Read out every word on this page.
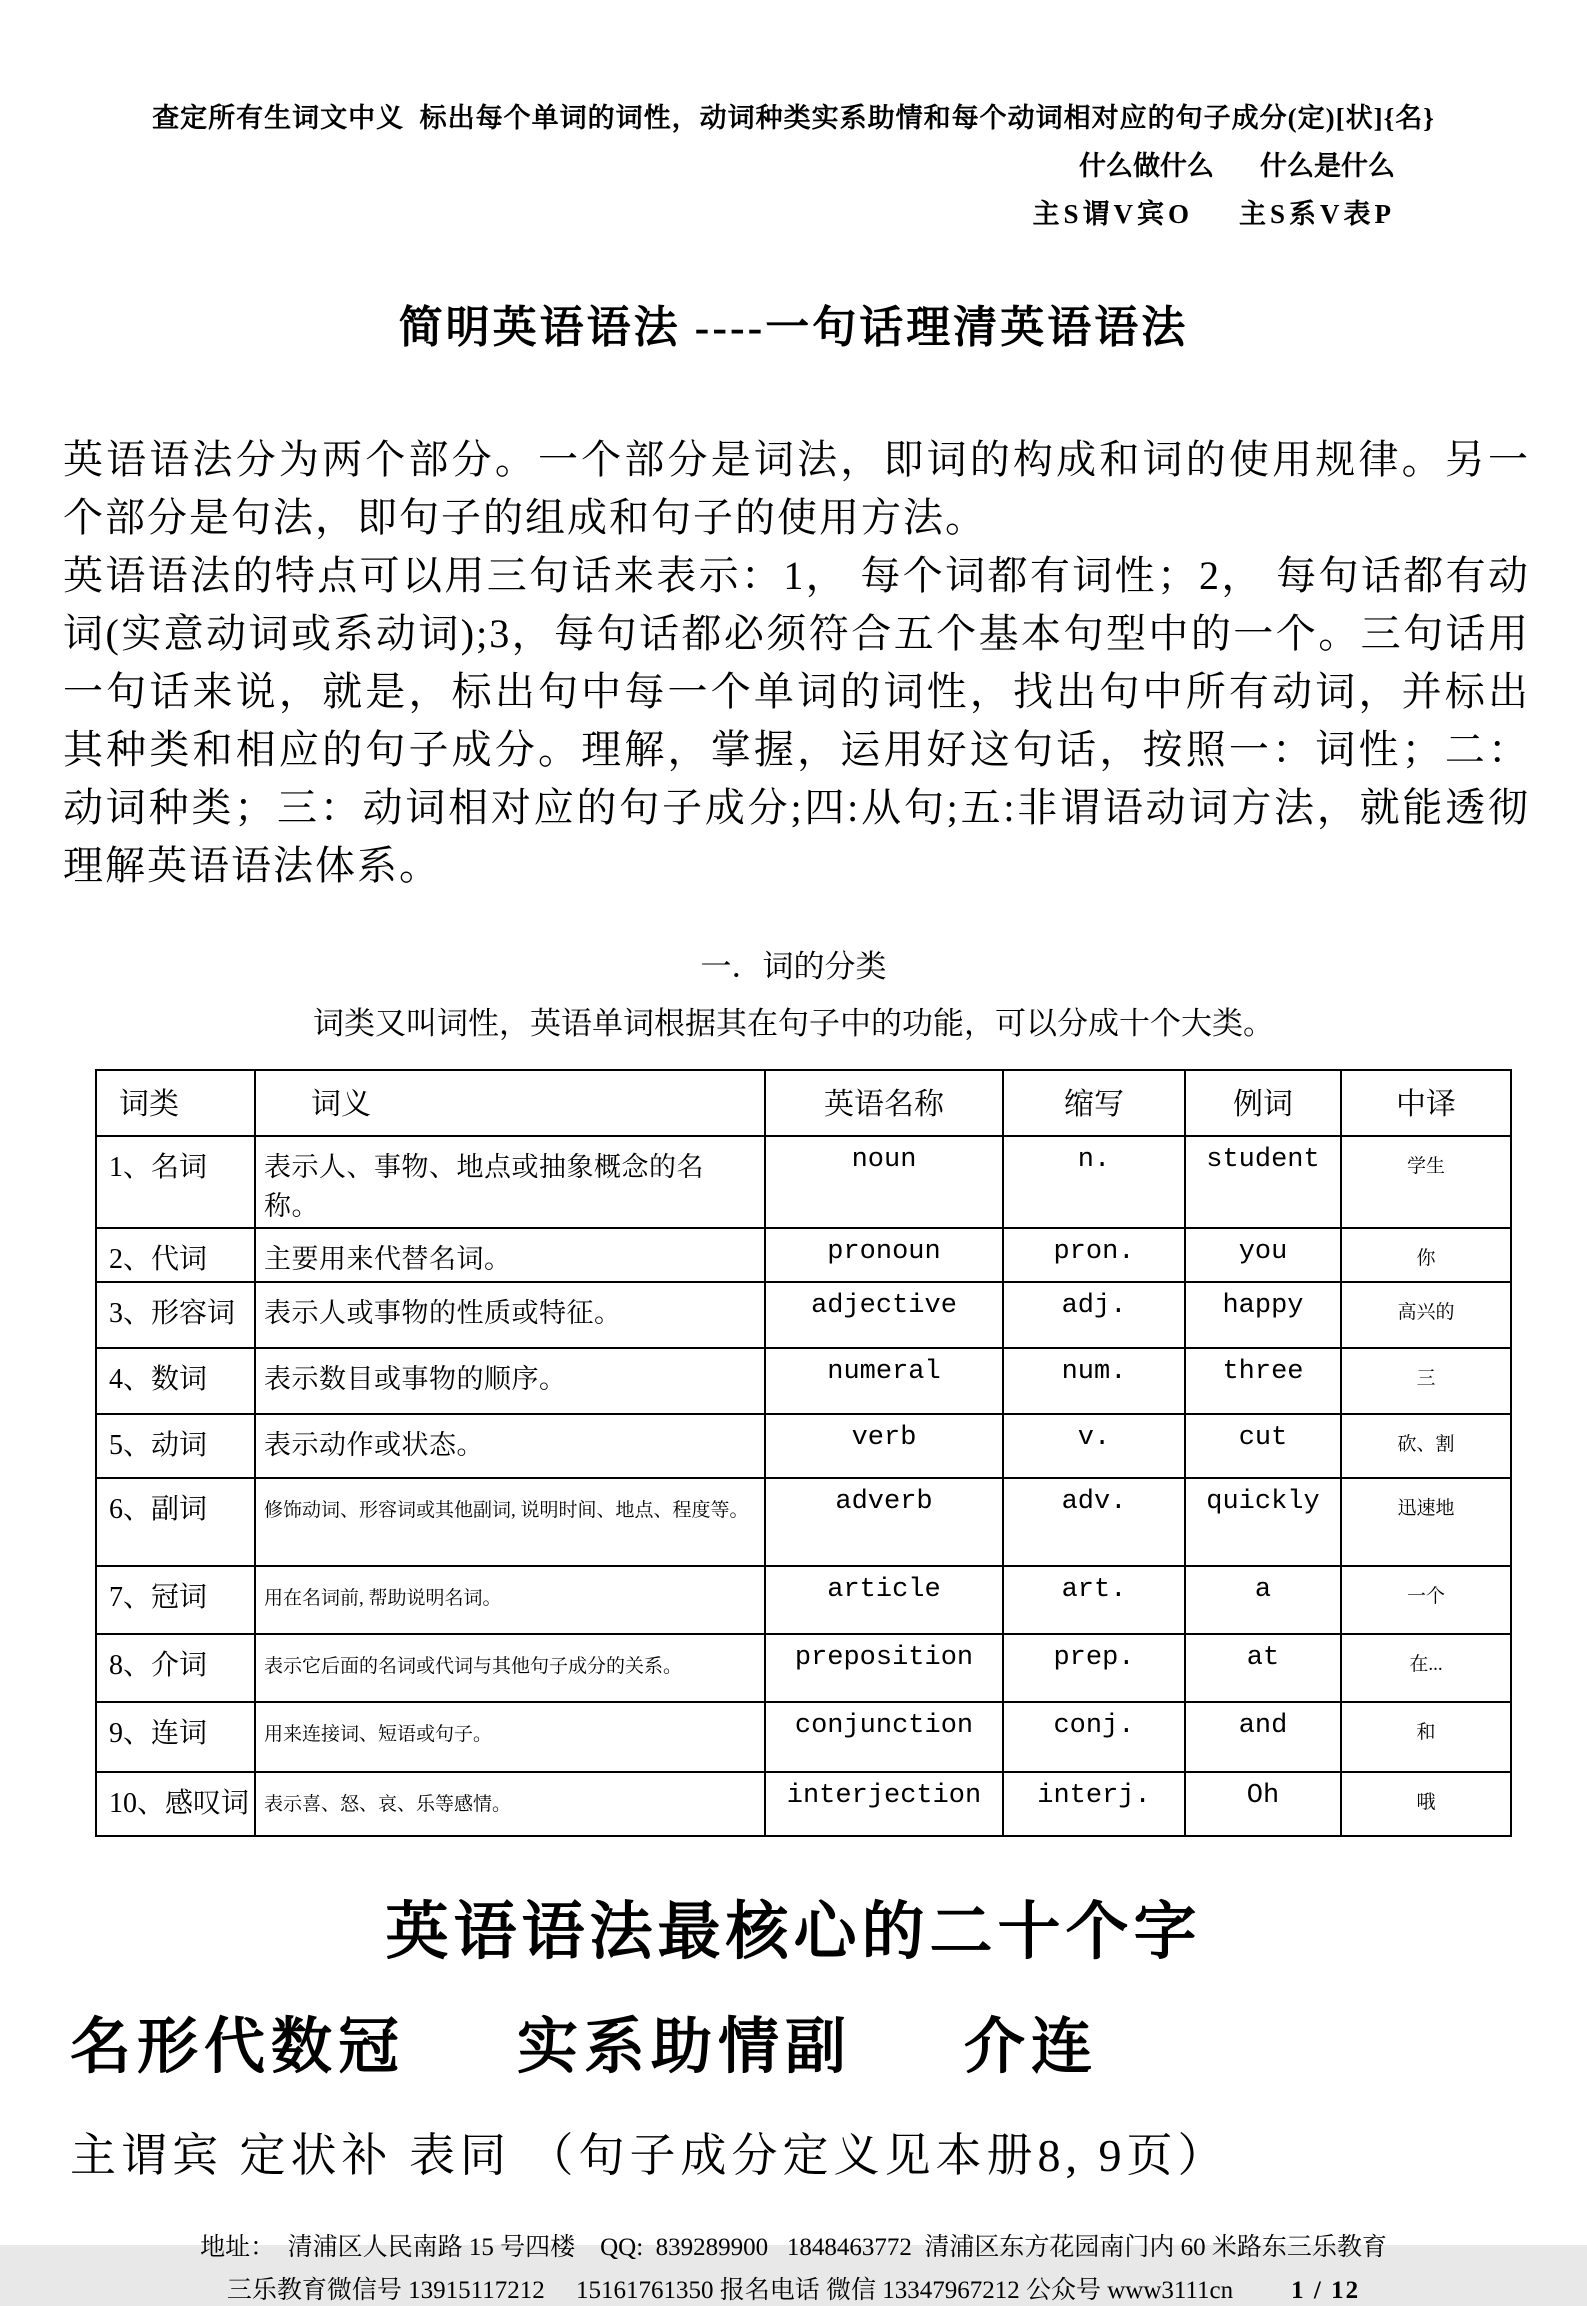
查定所有生词文中义  标出每个单词的词性，动词种类实系助情和每个动词相对应的句子成分(定)[状]{名}
什么做什么 什么是什么
主S谓V宾O 主S系V表P
简明英语语法 ----一句话理清英语语法

英语语法分为两个部分。一个部分是词法，即词的构成和词的使用规律。另一个部分是句法，即句子的组成和句子的使用方法。

英语语法的特点可以用三句话来表示：1， 每个词都有词性；2， 每句话都有动词(实意动词或系动词);3，每句话都必须符合五个基本句型中的一个。三句话用一句话来说，就是，标出句中每一个单词的词性，找出句中所有动词，并标出其种类和相应的句子成分。理解，掌握，运用好这句话，按照一：词性；二：动词种类；三：动词相对应的句子成分;四:从句;五:非谓语动词方法，就能透彻理解英语语法体系。

一．词的分类
词类又叫词性，英语单词根据其在句子中的功能，可以分成十个大类。
词类	词义	英语名称	缩写	例词	中译
1、名词	表示人、事物、地点或抽象概念的名称。	noun	n.	student	学生
2、代词	主要用来代替名词。	pronoun	pron.	you	你
3、形容词	表示人或事物的性质或特征。	adjective	adj.	happy	高兴的
4、数词	表示数目或事物的顺序。	numeral	num.	three	三
5、动词	表示动作或状态。	verb	v.	cut	砍、割
6、副词	修饰动词、形容词或其他副词, 说明时间、地点、程度等。	adverb	adv.	quickly	迅速地
7、冠词	用在名词前, 帮助说明名词。	article	art.	a	一个
8、介词	表示它后面的名词或代词与其他句子成分的关系。	preposition	prep.	at	在...
9、连词	用来连接词、短语或句子。	conjunction	conj.	and	和
10、感叹词	表示喜、怒、哀、乐等感情。	interjection	interj.	Oh	哦
英语语法最核心的二十个字
名形代数冠 实系助情副 介连
主谓宾 定状补 表同 （句子成分定义见本册8, 9页）
地址：  清浦区人民南路 15 号四楼    QQ:  839289900   1848463772  清浦区东方花园南门内 60 米路东三乐教育
三乐教育微信号 13915117212     15161761350 报名电话 微信 13347967212 公众号 www3111cn 1 / 12
